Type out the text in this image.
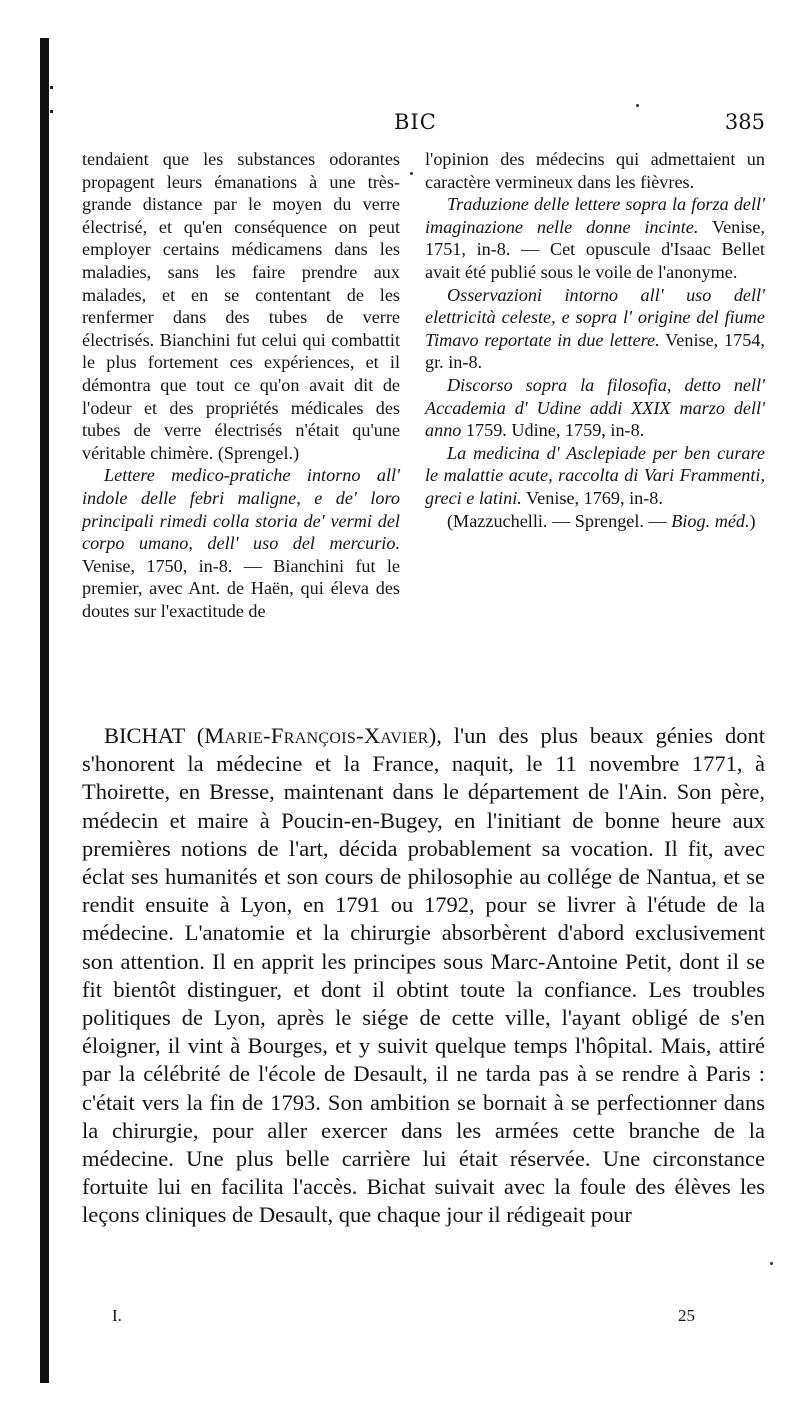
BIC	385

tendaient que les substances odorantes propagent leurs émanations à une très-grande distance par le moyen du verre électrisé, et qu'en conséquence on peut employer certains médicamens dans les maladies, sans les faire prendre aux malades, et en se contentant de les renfermer dans des tubes de verre électrisés. Bianchini fut celui qui combattit le plus fortement ces expériences, et il démontra que tout ce qu'on avait dit de l'odeur et des propriétés médicales des tubes de verre électrisés n'était qu'une véritable chimère. (Sprengel.)

Lettere medico-pratiche intorno all' indole delle febri maligne, e de' loro principali rimedi colla storia de' vermi del corpo umano, dell' uso del mercurio. Venise, 1750, in-8. — Bianchini fut le premier, avec Ant. de Haën, qui éleva des doutes sur l'exactitude de

l'opinion des médecins qui admettaient un caractère vermineux dans les fièvres.

Traduzione delle lettere sopra la forza dell' imaginazione nelle donne incinte. Venise, 1751, in-8. — Cet opuscule d'Isaac Bellet avait été publié sous le voile de l'anonyme.

Osservazioni intorno all' uso dell' elettricità celeste, e sopra l' origine del fiume Timavo reportate in due lettere. Venise, 1754, gr. in-8.

Discorso sopra la filosofia, detto nell' Accademia d' Udine addi XXIX marzo dell' anno 1759. Udine, 1759, in-8.

La medicina d' Asclepiade per ben curare le malattie acute, raccolta di Vari Frammenti, greci e latini. Venise, 1769, in-8.

(Mazzuchelli. — Sprengel. — Biog. méd.)

BICHAT (Marie-François-Xavier), l'un des plus beaux génies dont s'honorent la médecine et la France, naquit, le 11 novembre 1771, à Thoirette, en Bresse, maintenant dans le département de l'Ain. Son père, médecin et maire à Poucin-en-Bugey, en l'initiant de bonne heure aux premières notions de l'art, décida probablement sa vocation. Il fit, avec éclat ses humanités et son cours de philosophie au collége de Nantua, et se rendit ensuite à Lyon, en 1791 ou 1792, pour se livrer à l'étude de la médecine. L'anatomie et la chirurgie absorbèrent d'abord exclusivement son attention. Il en apprit les principes sous Marc-Antoine Petit, dont il se fit bientôt distinguer, et dont il obtint toute la confiance. Les troubles politiques de Lyon, après le siége de cette ville, l'ayant obligé de s'en éloigner, il vint à Bourges, et y suivit quelque temps l'hôpital. Mais, attiré par la célébrité de l'école de Desault, il ne tarda pas à se rendre à Paris : c'était vers la fin de 1793. Son ambition se bornait à se perfectionner dans la chirurgie, pour aller exercer dans les armées cette branche de la médecine. Une plus belle carrière lui était réservée. Une circonstance fortuite lui en facilita l'accès. Bichat suivait avec la foule des élèves les leçons cliniques de Desault, que chaque jour il rédigeait pour

I.	25
